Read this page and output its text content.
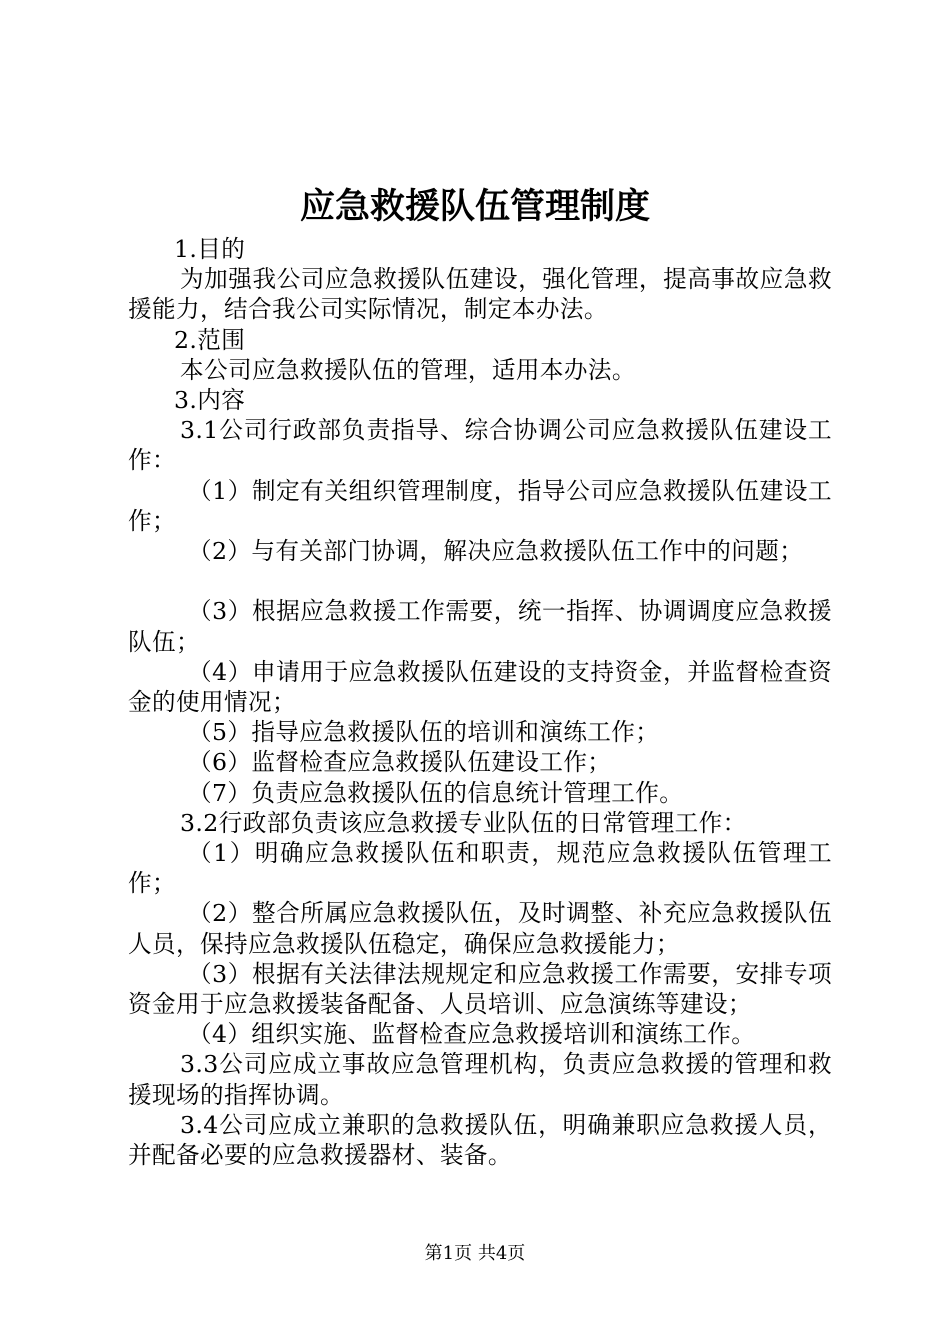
应急救援队伍管理制度

1.目的

为加强我公司应急救援队伍建设，强化管理，提高事故应急救援能力，结合我公司实际情况，制定本办法。

2.范围

本公司应急救援队伍的管理，适用本办法。

3.内容

3.1公司行政部负责指导、综合协调公司应急救援队伍建设工作：

（1）制定有关组织管理制度，指导公司应急救援队伍建设工作；

（2）与有关部门协调，解决应急救援队伍工作中的问题；

（3）根据应急救援工作需要，统一指挥、协调调度应急救援队伍；

（4）申请用于应急救援队伍建设的支持资金，并监督检查资金的使用情况；

（5）指导应急救援队伍的培训和演练工作；

（6）监督检查应急救援队伍建设工作；

（7）负责应急救援队伍的信息统计管理工作。

3.2行政部负责该应急救援专业队伍的日常管理工作：

（1）明确应急救援队伍和职责，规范应急救援队伍管理工作；

（2）整合所属应急救援队伍，及时调整、补充应急救援队伍人员，保持应急救援队伍稳定，确保应急救援能力；

（3）根据有关法律法规规定和应急救援工作需要，安排专项资金用于应急救援装备配备、人员培训、应急演练等建设；

（4）组织实施、监督检查应急救援培训和演练工作。

3.3公司应成立事故应急管理机构，负责应急救援的管理和救援现场的指挥协调。

3.4公司应成立兼职的急救援队伍，明确兼职应急救援人员，并配备必要的应急救援器材、装备。

第1页 共4页
